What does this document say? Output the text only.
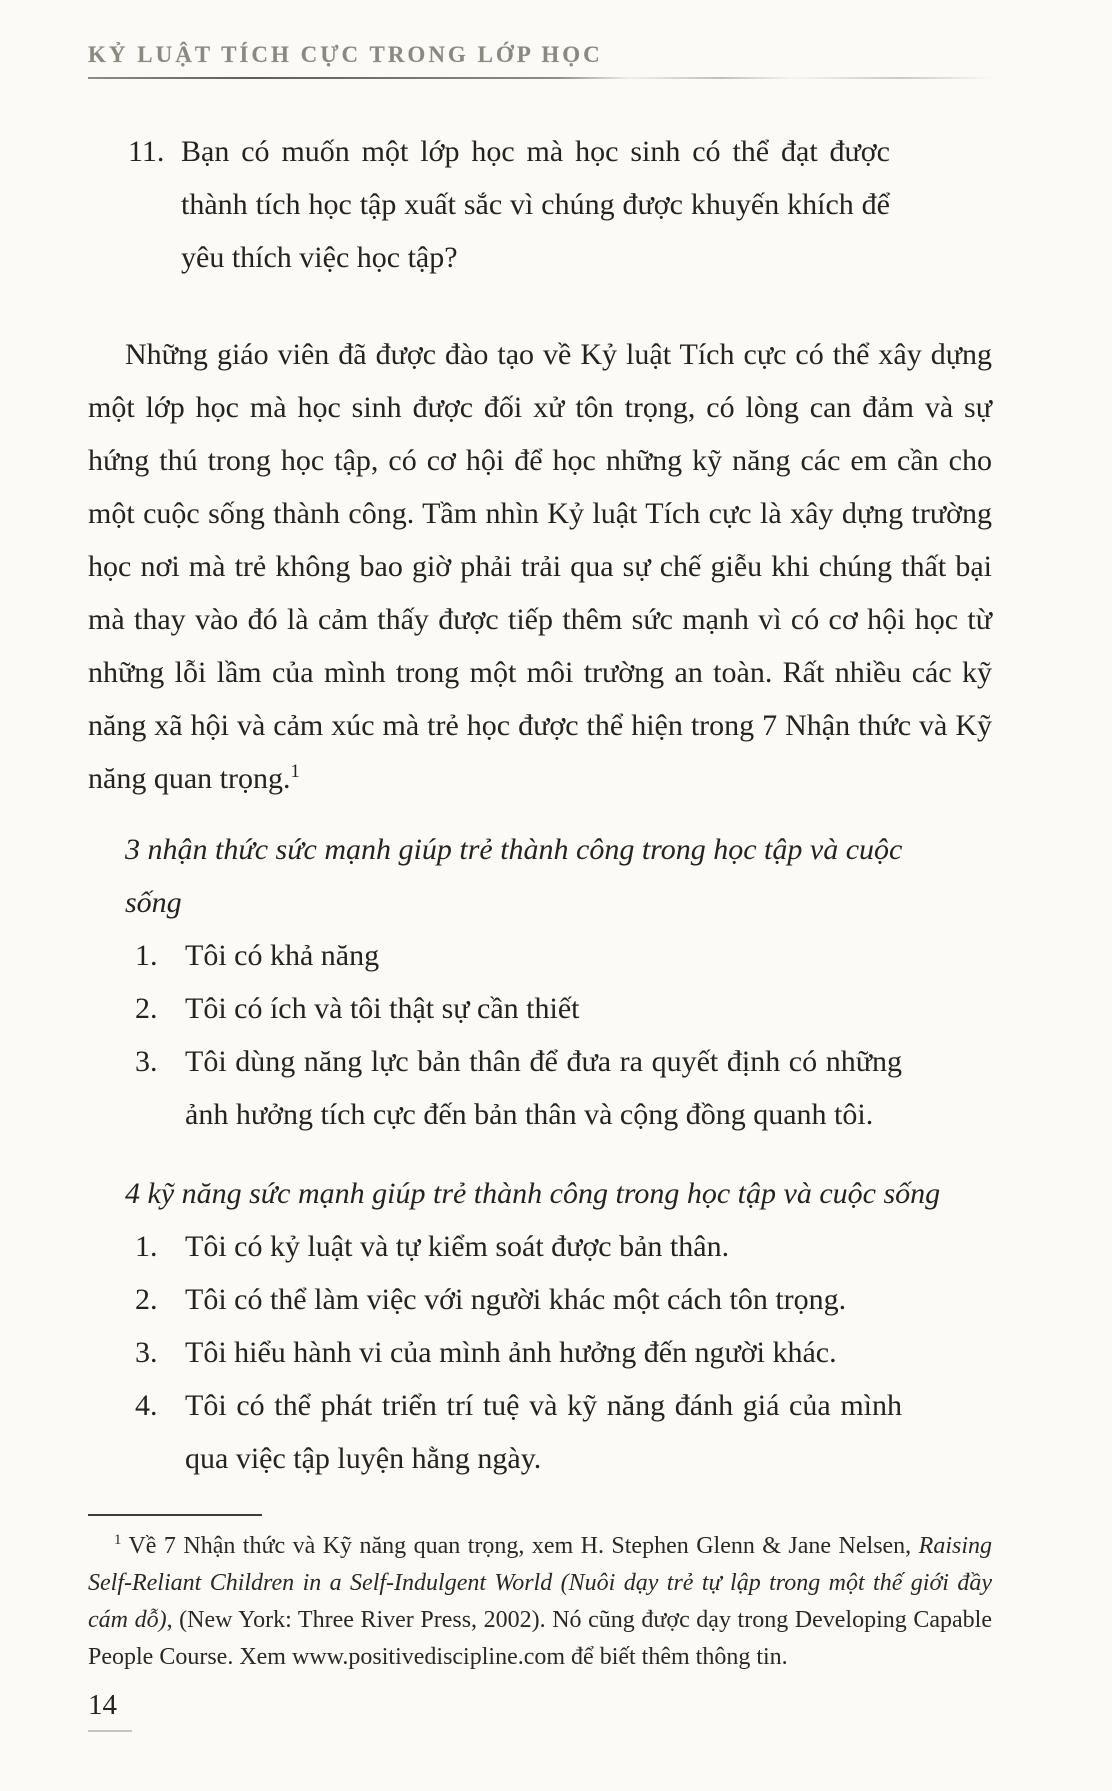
KỶ LUẬT TÍCH CỰC TRONG LỚP HỌC
11. Bạn có muốn một lớp học mà học sinh có thể đạt được thành tích học tập xuất sắc vì chúng được khuyến khích để yêu thích việc học tập?

Những giáo viên đã được đào tạo về Kỷ luật Tích cực có thể xây dựng một lớp học mà học sinh được đối xử tôn trọng, có lòng can đảm và sự hứng thú trong học tập, có cơ hội để học những kỹ năng các em cần cho một cuộc sống thành công. Tầm nhìn Kỷ luật Tích cực là xây dựng trường học nơi mà trẻ không bao giờ phải trải qua sự chế giễu khi chúng thất bại mà thay vào đó là cảm thấy được tiếp thêm sức mạnh vì có cơ hội học từ những lỗi lầm của mình trong một môi trường an toàn. Rất nhiều các kỹ năng xã hội và cảm xúc mà trẻ học được thể hiện trong 7 Nhận thức và Kỹ năng quan trọng.$^1$

3 nhận thức sức mạnh giúp trẻ thành công trong học tập và cuộc sống
1. Tôi có khả năng
2. Tôi có ích và tôi thật sự cần thiết
3. Tôi dùng năng lực bản thân để đưa ra quyết định có những ảnh hưởng tích cực đến bản thân và cộng đồng quanh tôi.
4 kỹ năng sức mạnh giúp trẻ thành công trong học tập và cuộc sống
1. Tôi có kỷ luật và tự kiểm soát được bản thân.
2. Tôi có thể làm việc với người khác một cách tôn trọng.
3. Tôi hiểu hành vi của mình ảnh hưởng đến người khác.
4. Tôi có thể phát triển trí tuệ và kỹ năng đánh giá của mình qua việc tập luyện hằng ngày.

$^1$ Về 7 Nhận thức và Kỹ năng quan trọng, xem H. Stephen Glenn & Jane Nelsen, Raising Self-Reliant Children in a Self-Indulgent World (Nuôi dạy trẻ tự lập trong một thế giới đầy cám dỗ), (New York: Three River Press, 2002). Nó cũng được dạy trong Developing Capable People Course. Xem www.positivediscipline.com để biết thêm thông tin.

14
